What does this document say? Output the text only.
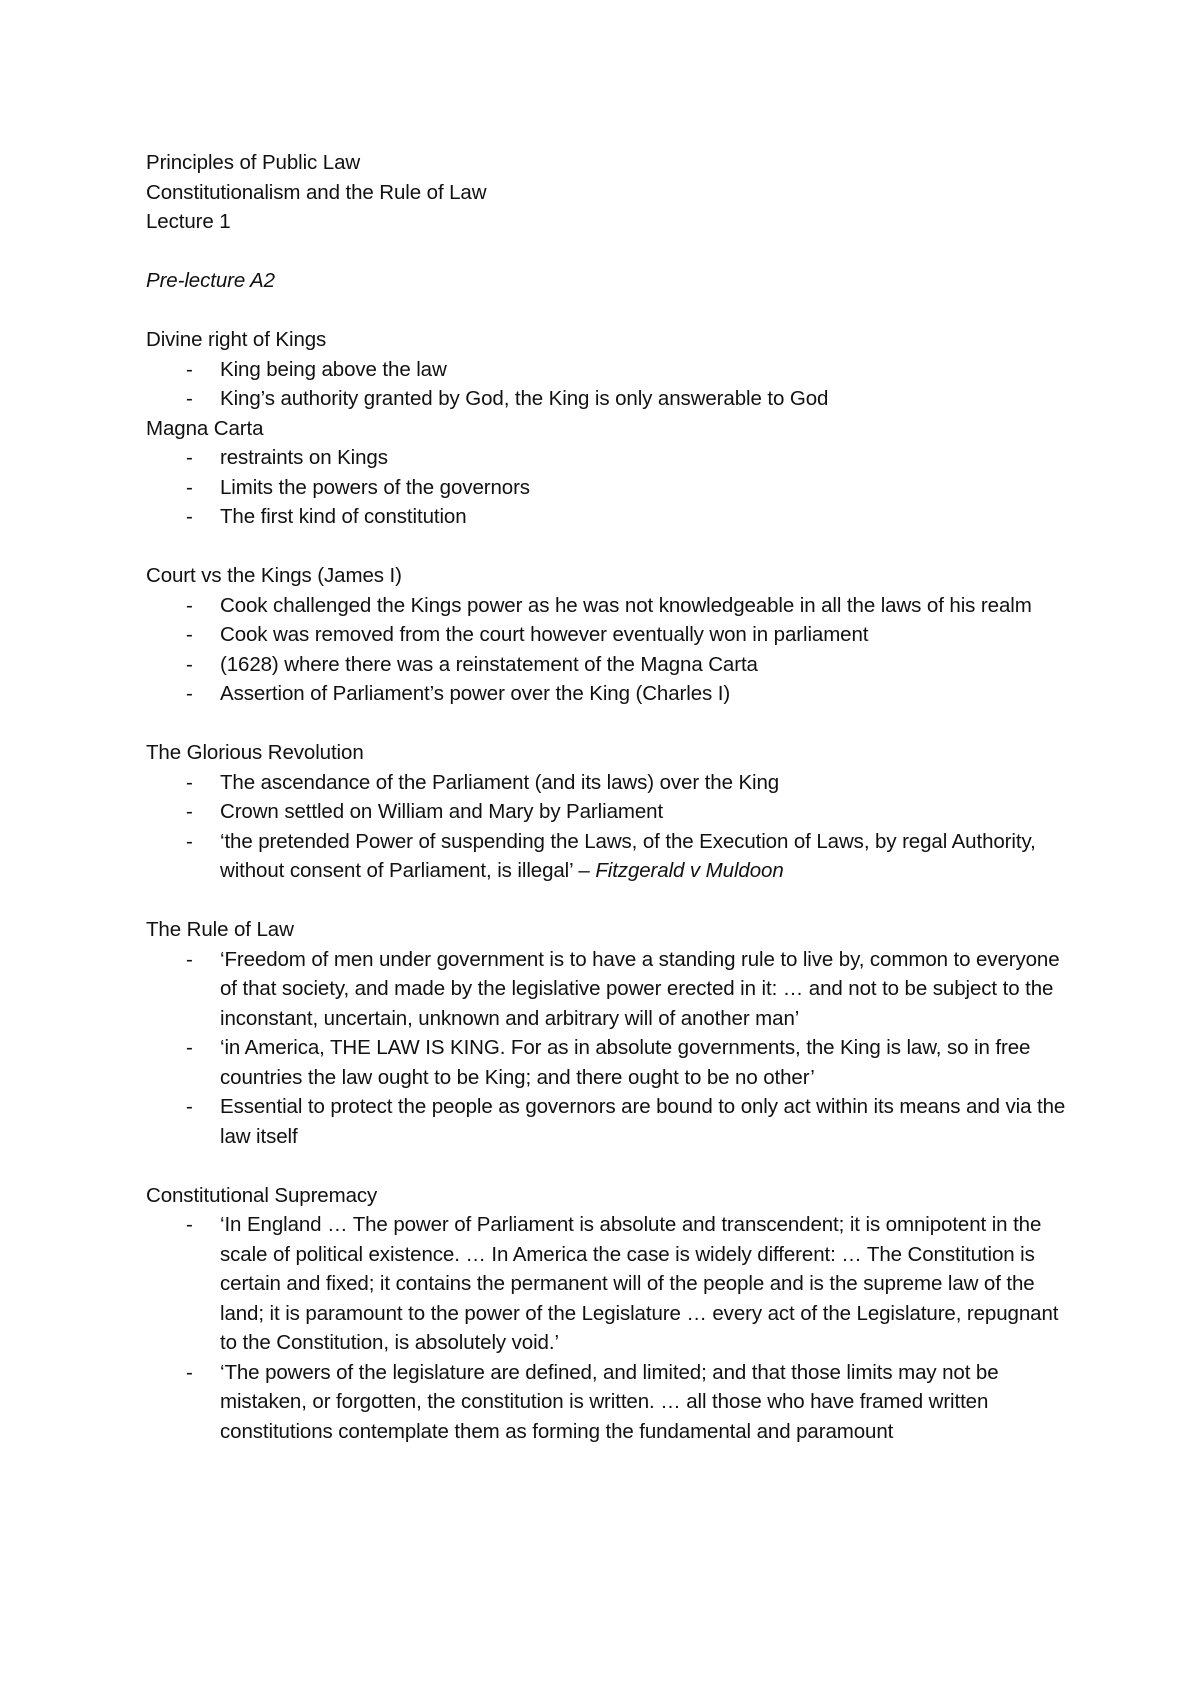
Principles of Public Law

Constitutionalism and the Rule of Law

Lecture 1

Pre-lecture A2

Divine right of Kings

- King being above the law
- King’s authority granted by God, the King is only answerable to God

Magna Carta

- restraints on Kings
- Limits the powers of the governors
- The first kind of constitution

Court vs the Kings (James I)

- Cook challenged the Kings power as he was not knowledgeable in all the laws of his realm
- Cook was removed from the court however eventually won in parliament
- (1628) where there was a reinstatement of the Magna Carta
- Assertion of Parliament’s power over the King (Charles I)

The Glorious Revolution

- The ascendance of the Parliament (and its laws) over the King
- Crown settled on William and Mary by Parliament
- ‘the pretended Power of suspending the Laws, of the Execution of Laws, by regal Authority, without consent of Parliament, is illegal’ – Fitzgerald v Muldoon

The Rule of Law

- ‘Freedom of men under government is to have a standing rule to live by, common to everyone of that society, and made by the legislative power erected in it: … and not to be subject to the inconstant, uncertain, unknown and arbitrary will of another man’
- ‘in America, THE LAW IS KING. For as in absolute governments, the King is law, so in free countries the law ought to be King; and there ought to be no other’
- Essential to protect the people as governors are bound to only act within its means and via the law itself

Constitutional Supremacy

- ‘In England … The power of Parliament is absolute and transcendent; it is omnipotent in the scale of political existence. … In America the case is widely different: … The Constitution is certain and fixed; it contains the permanent will of the people and is the supreme law of the land; it is paramount to the power of the Legislature … every act of the Legislature, repugnant to the Constitution, is absolutely void.’
- ‘The powers of the legislature are defined, and limited; and that those limits may not be mistaken, or forgotten, the constitution is written. … all those who have framed written constitutions contemplate them as forming the fundamental and paramount
